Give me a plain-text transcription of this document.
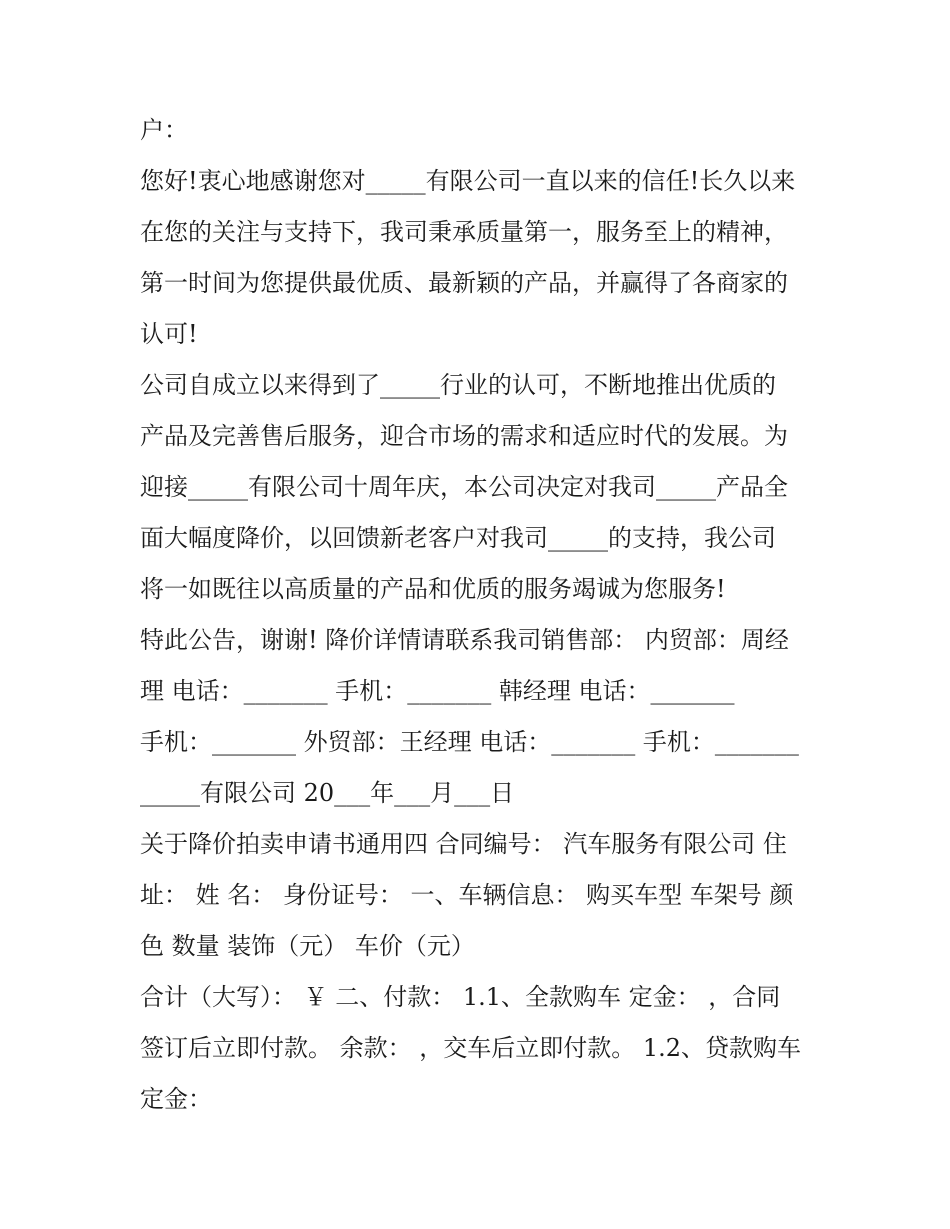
户：
您好!衷心地感谢您对_____有限公司一直以来的信任!长久以来
在您的关注与支持下，我司秉承质量第一，服务至上的精神，
第一时间为您提供最优质、最新颖的产品，并赢得了各商家的
认可!
公司自成立以来得到了_____行业的认可，不断地推出优质的
产品及完善售后服务，迎合市场的需求和适应时代的发展。为
迎接_____有限公司十周年庆，本公司决定对我司_____产品全
面大幅度降价，以回馈新老客户对我司_____的支持，我公司
将一如既往以高质量的产品和优质的服务竭诚为您服务!
特此公告，谢谢! 降价详情请联系我司销售部： 内贸部：周经
理 电话：_______ 手机：_______ 韩经理 电话：_______
手机：_______ 外贸部：王经理 电话：_______ 手机：_______
_____有限公司 20___年___月___日
关于降价拍卖申请书通用四 合同编号： 汽车服务有限公司 住
址： 姓 名： 身份证号： 一、车辆信息： 购买车型 车架号 颜
色 数量 装饰（元） 车价（元）
合计（大写）： ￥ 二、付款： 1.1、全款购车 定金： ，合同
签订后立即付款。 余款： ，交车后立即付款。 1.2、贷款购车
定金：
